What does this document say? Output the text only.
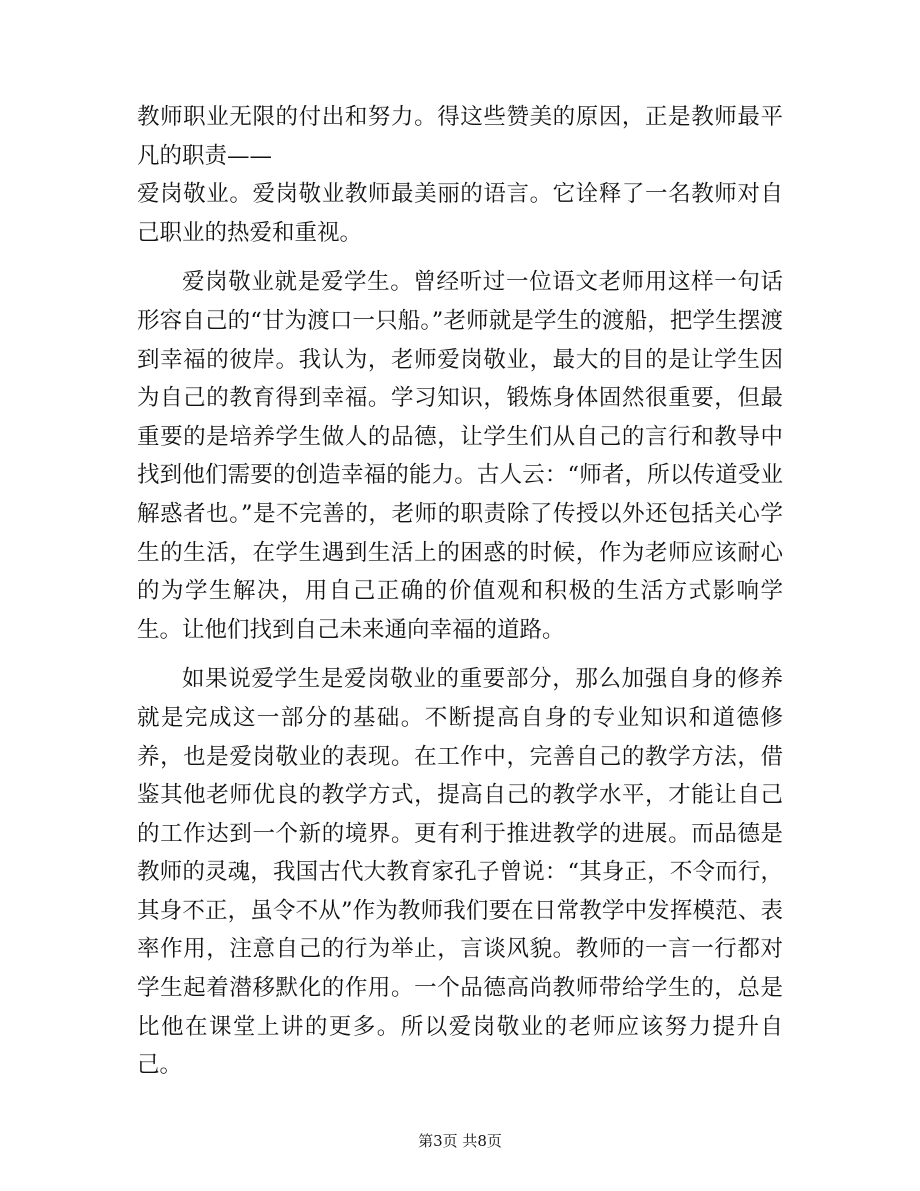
教师职业无限的付出和努力。得这些赞美的原因，正是教师最平凡的职责——

爱岗敬业。爱岗敬业教师最美丽的语言。它诠释了一名教师对自己职业的热爱和重视。

爱岗敬业就是爱学生。曾经听过一位语文老师用这样一句话形容自己的“甘为渡口一只船。”老师就是学生的渡船，把学生摆渡到幸福的彼岸。我认为，老师爱岗敬业，最大的目的是让学生因为自己的教育得到幸福。学习知识，锻炼身体固然很重要，但最重要的是培养学生做人的品德，让学生们从自己的言行和教导中找到他们需要的创造幸福的能力。古人云：“师者，所以传道受业解惑者也。”是不完善的，老师的职责除了传授以外还包括关心学生的生活，在学生遇到生活上的困惑的时候，作为老师应该耐心的为学生解决，用自己正确的价值观和积极的生活方式影响学生。让他们找到自己未来通向幸福的道路。

如果说爱学生是爱岗敬业的重要部分，那么加强自身的修养就是完成这一部分的基础。不断提高自身的专业知识和道德修养，也是爱岗敬业的表现。在工作中，完善自己的教学方法，借鉴其他老师优良的教学方式，提高自己的教学水平，才能让自己的工作达到一个新的境界。更有利于推进教学的进展。而品德是教师的灵魂，我国古代大教育家孔子曾说：“其身正，不令而行，其身不正，虽令不从”作为教师我们要在日常教学中发挥模范、表率作用，注意自己的行为举止，言谈风貌。教师的一言一行都对学生起着潜移默化的作用。一个品德高尚教师带给学生的，总是比他在课堂上讲的更多。所以爱岗敬业的老师应该努力提升自己。

第3页 共8页
